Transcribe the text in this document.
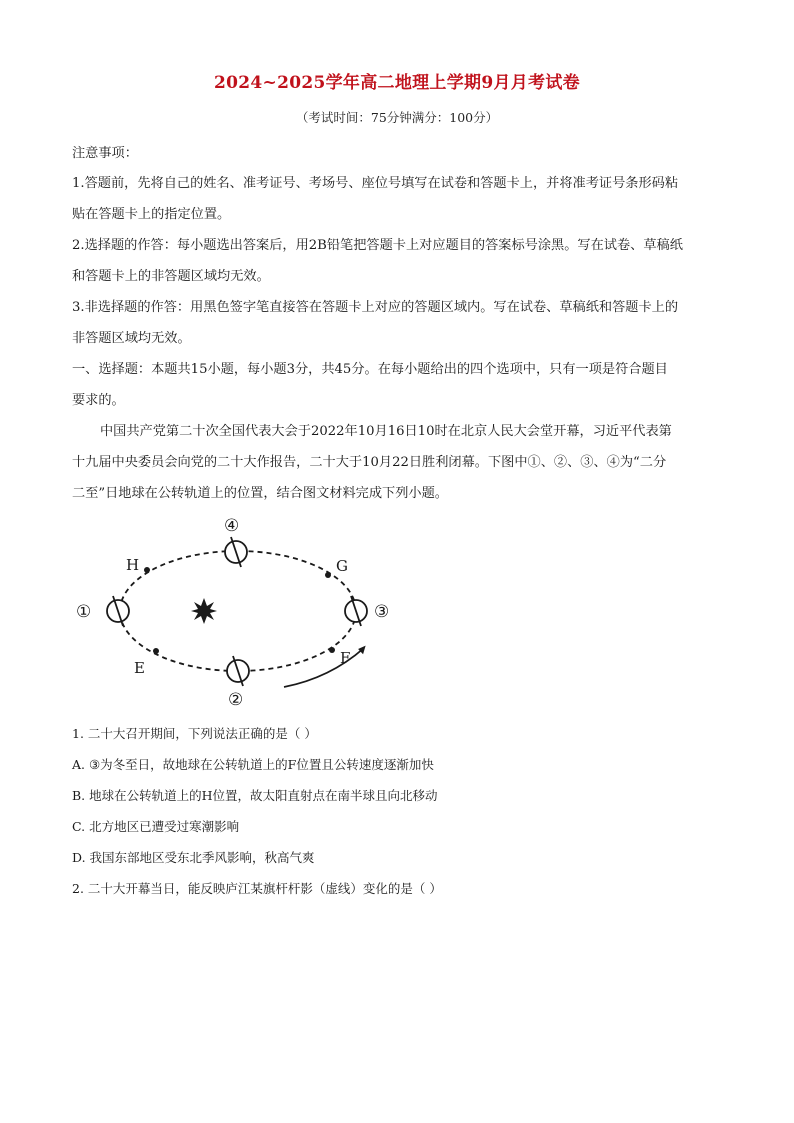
2024~2025学年高二地理上学期9月月考试卷
（考试时间：75分钟满分：100分）
注意事项：
1.答题前，先将自己的姓名、准考证号、考场号、座位号填写在试卷和答题卡上，并将准考证号条形码粘
贴在答题卡上的指定位置。
2.选择题的作答：每小题选出答案后，用2B铅笔把答题卡上对应题目的答案标号涂黑。写在试卷、草稿纸
和答题卡上的非答题区域均无效。
3.非选择题的作答：用黑色签字笔直接答在答题卡上对应的答题区域内。写在试卷、草稿纸和答题卡上的
非答题区域均无效。
一、选择题：本题共15小题，每小题3分，共45分。在每小题给出的四个选项中，只有一项是符合题目
要求的。
中国共产党第二十次全国代表大会于2022年10月16日10时在北京人民大会堂开幕，习近平代表第
十九届中央委员会向党的二十大作报告，二十大于10月22日胜利闭幕。下图中①、②、③、④为“二分
二至”日地球在公转轨道上的位置，结合图文材料完成下列小题。
①
②
③
④
H	G
E
F
1. 二十大召开期间，下列说法正确的是（ ）
A. ③为冬至日，故地球在公转轨道上的F位置且公转速度逐渐加快
B. 地球在公转轨道上的H位置，故太阳直射点在南半球且向北移动
C. 北方地区已遭受过寒潮影响
D. 我国东部地区受东北季风影响，秋高气爽
2. 二十大开幕当日，能反映庐江某旗杆杆影（虚线）变化的是（ ）
